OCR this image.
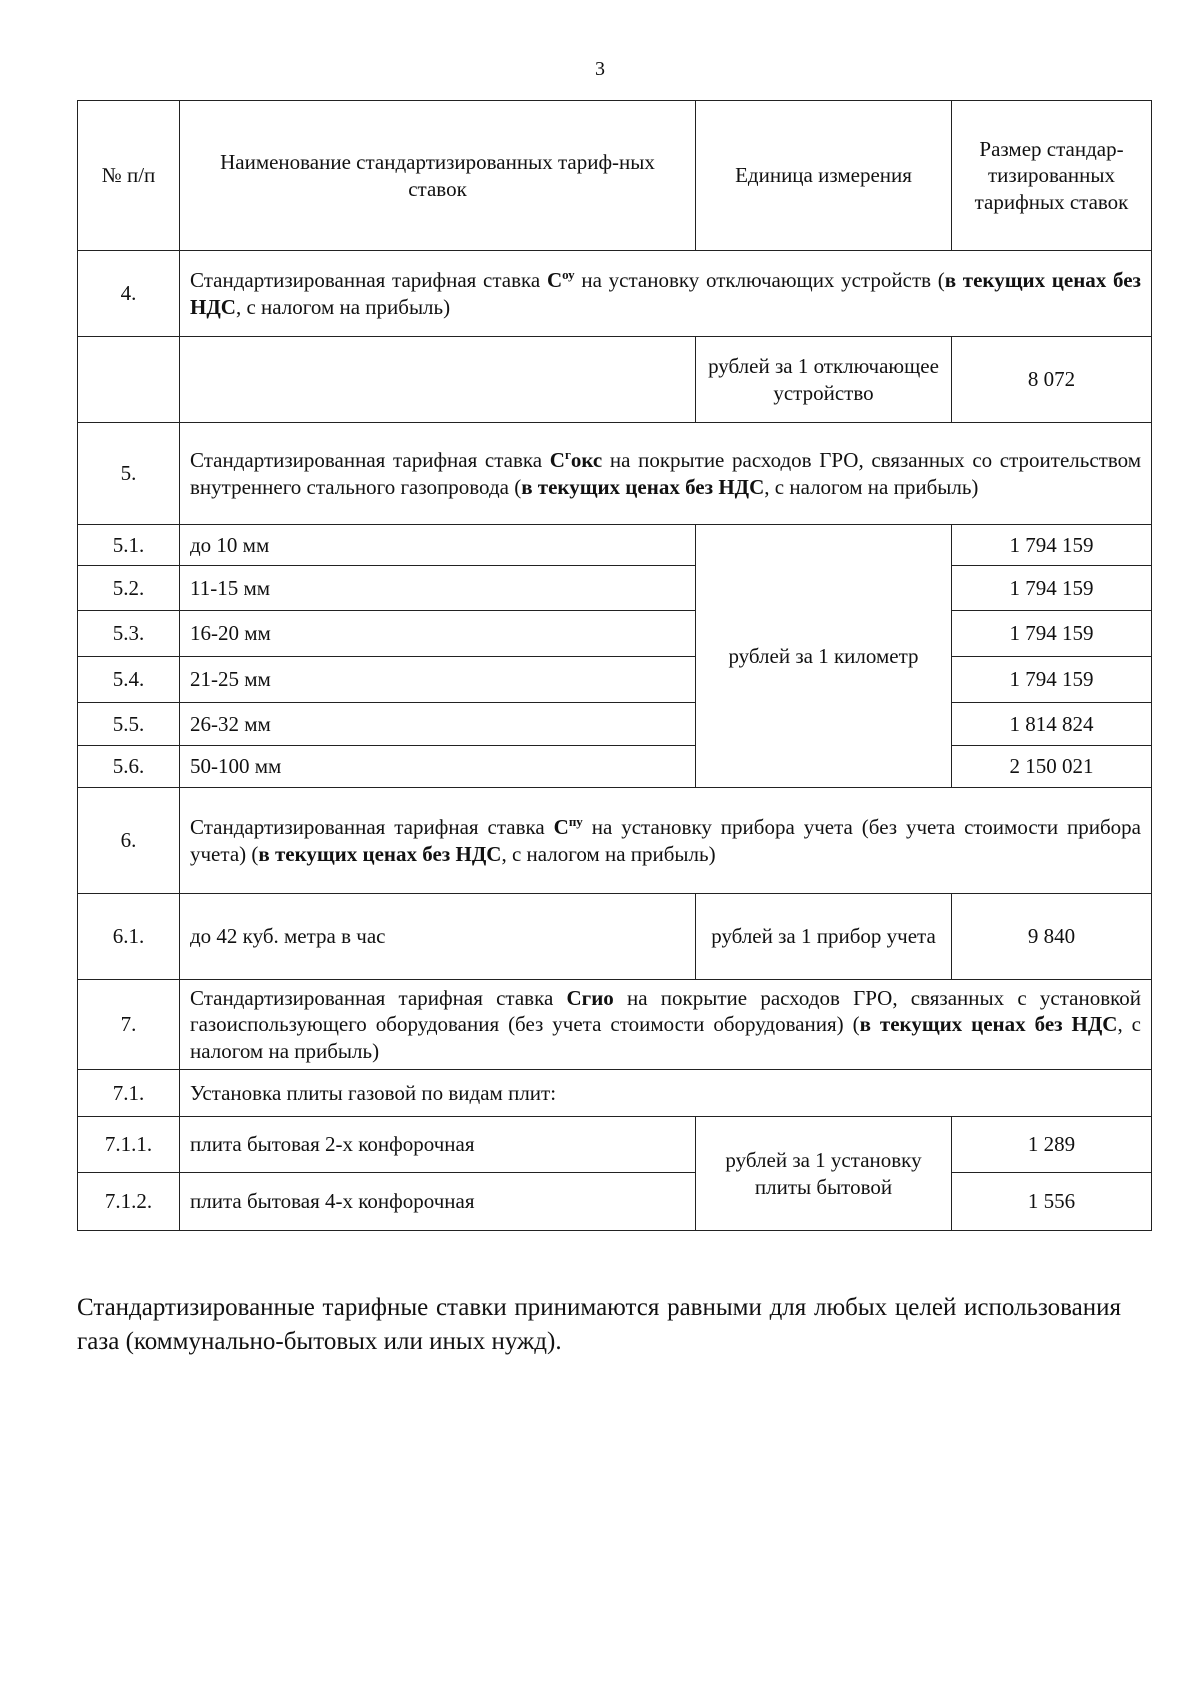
3
№ п/п	Наименование стандартизированных тариф-ных ставок	Единица измерения	Размер стандар-тизированных тарифных ставок
4.	Стандартизированная тарифная ставка $С^{оу}$ на установку отключающих устройств (в текущих ценах без НДС, с налогом на прибыль)		
		рублей за 1 отключающее устройство	8 072
5.	Стандартизированная тарифная ставка $С^гокс$ на покрытие расходов ГРО, связанных со строительством внутреннего стального газопровода (в текущих ценах без НДС, с налогом на прибыль)		
5.1.	до 10 мм	рублей за 1 километр	1 794 159
5.2.	11-15 мм		1 794 159
5.3.	16-20 мм		1 794 159
5.4.	21-25 мм		1 794 159
5.5.	26-32 мм		1 814 824
5.6.	50-100 мм		2 150 021
6.	Стандартизированная тарифная ставка $С^{пу}$ на установку прибора учета (без учета стоимости прибора учета) (в текущих ценах без НДС, с налогом на прибыль)		
6.1.	до 42 куб. метра в час	рублей за 1 прибор учета	9 840
7.	Стандартизированная тарифная ставка Сгио на покрытие расходов ГРО, связанных с установкой газоиспользующего оборудования (без учета стоимости оборудования) (в текущих ценах без НДС, с налогом на прибыль)		
7.1.	Установка плиты газовой по видам плит:		
7.1.1.	плита бытовая 2-х конфорочная	рублей за 1 установку плиты бытовой	1 289
7.1.2.	плита бытовая 4-х конфорочная		1 556

Стандартизированные тарифные ставки принимаются равными для любых целей использования газа (коммунально-бытовых или иных нужд).
